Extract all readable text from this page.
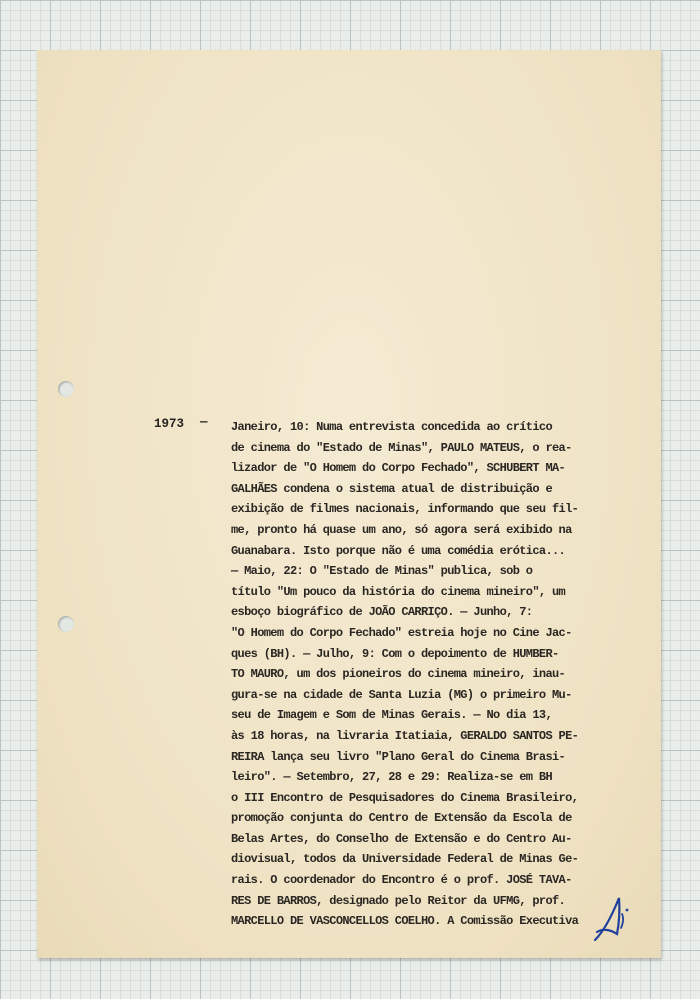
1973 — Janeiro, 10: Numa entrevista concedida ao crítico
de cinema do "Estado de Minas", PAULO MATEUS, o rea-
lizador de "O Homem do Corpo Fechado", SCHUBERT MA-
GALHÃES condena o sistema atual de distribuição e
exibição de filmes nacionais, informando que seu fil-
me, pronto há quase um ano, só agora será exibido na
Guanabara. Isto porque não é uma comédia erótica...
— Maio, 22: O "Estado de Minas" publica, sob o
título "Um pouco da história do cinema mineiro", um
esboço biográfico de JOÃO CARRIÇO. — Junho, 7:
"O Homem do Corpo Fechado" estreia hoje no Cine Jac-
ques (BH). — Julho, 9: Com o depoimento de HUMBER-
TO MAURO, um dos pioneiros do cinema mineiro, inau-
gura-se na cidade de Santa Luzia (MG) o primeiro Mu-
seu de Imagem e Som de Minas Gerais. — No dia 13,
às 18 horas, na livraria Itatiaia, GERALDO SANTOS PE-
REIRA lança seu livro "Plano Geral do Cinema Brasi-
leiro". — Setembro, 27, 28 e 29: Realiza-se em BH
o III Encontro de Pesquisadores do Cinema Brasileiro,
promoção conjunta do Centro de Extensão da Escola de
Belas Artes, do Conselho de Extensão e do Centro Au-
diovisual, todos da Universidade Federal de Minas Ge-
rais. O coordenador do Encontro é o prof. JOSÉ TAVA-
RES DE BARROS, designado pelo Reitor da UFMG, prof.
MARCELLO DE VASCONCELLOS COELHO. A Comissão Executiva
